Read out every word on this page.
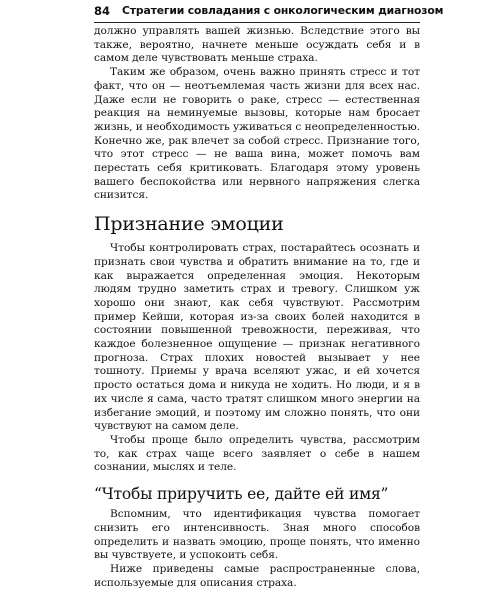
84 Стратегии совладания с онкологическим диагнозом

должно управлять вашей жизнью. Вследствие этого вы также, вероятно, начнете меньше осуждать себя и в самом деле чувствовать меньше страха.

Таким же образом, очень важно принять стресс и тот факт, что он — неотъемлемая часть жизни для всех нас. Даже если не говорить о раке, стресс — естественная реакция на неминуемые вызовы, которые нам бросает жизнь, и необходимость уживаться с неопределенностью. Конечно же, рак влечет за собой стресс. Признание того, что этот стресс — не ваша вина, может помочь вам перестать себя критиковать. Благодаря этому уровень вашего беспокойства или нервного напряжения слегка снизится.

Признание эмоции

Чтобы контролировать страх, постарайтесь осознать и признать свои чувства и обратить внимание на то, где и как выражается определенная эмоция. Некоторым людям трудно заметить страх и тревогу. Слишком уж хорошо они знают, как себя чувствуют. Рассмотрим пример Кейши, которая из-за своих болей находится в состоянии повышенной тревожности, переживая, что каждое болезненное ощущение — признак негативного прогноза. Страх плохих новостей вызывает у нее тошноту. Приемы у врача вселяют ужас, и ей хочется просто остаться дома и никуда не ходить. Но люди, и я в их числе я сама, часто тратят слишком много энергии на избегание эмоций, и поэтому им сложно понять, что они чувствуют на самом деле.

Чтобы проще было определить чувства, рассмотрим то, как страх чаще всего заявляет о себе в нашем сознании, мыслях и теле.

“Чтобы приручить ее, дайте ей имя”

Вспомним, что идентификация чувства помогает снизить его интенсивность. Зная много способов определить и назвать эмоцию, проще понять, что именно вы чувствуете, и успокоить себя.

Ниже приведены самые распространенные слова, используемые для описания страха.
